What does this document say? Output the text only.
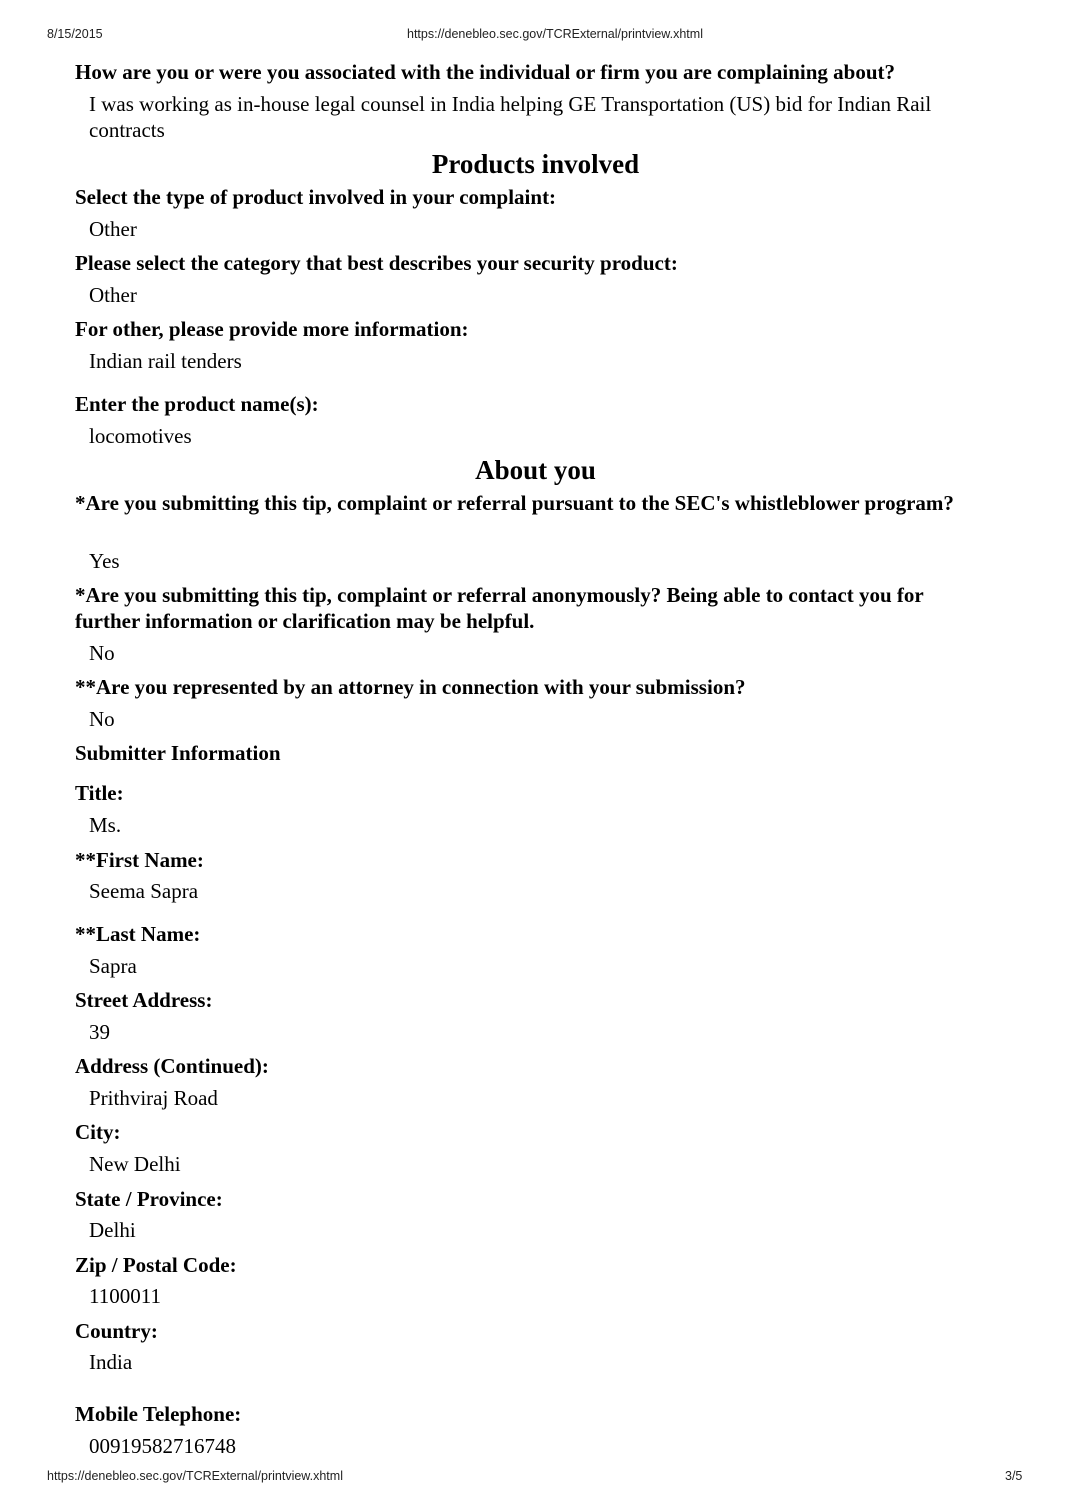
8/15/2015	https://denebleo.sec.gov/TCRExternal/printview.xhtml
How are you or were you associated with the individual or firm you are complaining about?
I was working as in-house legal counsel in India helping GE Transportation (US) bid for Indian Rail contracts
Products involved
Select the type of product involved in your complaint:
Other
Please select the category that best describes your security product:
Other
For other, please provide more information:
Indian rail tenders
Enter the product name(s):
locomotives
About you
*Are you submitting this tip, complaint or referral pursuant to the SEC's whistleblower program?
Yes
*Are you submitting this tip, complaint or referral anonymously? Being able to contact you for further information or clarification may be helpful.
No
**Are you represented by an attorney in connection with your submission?
No
Submitter Information
Title:
Ms.
**First Name:
Seema Sapra
**Last Name:
Sapra
Street Address:
39
Address (Continued):
Prithviraj Road
City:
New Delhi
State / Province:
Delhi
Zip / Postal Code:
1100011
Country:
India
Mobile Telephone:
00919582716748
https://denebleo.sec.gov/TCRExternal/printview.xhtml	3/5
